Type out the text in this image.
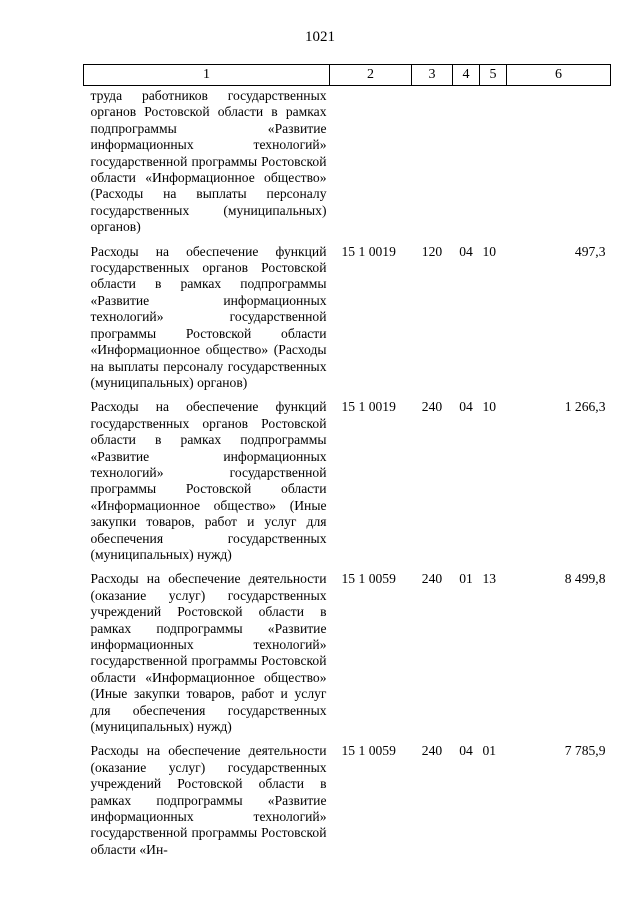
1021
1	2	3	4	5	6
труда работников государственных органов Ростовской области в рамках подпрограммы «Развитие информационных технологий» государственной программы Ростовской области «Информационное общество» (Расходы на выплаты персоналу государственных (муниципальных) органов)					
Расходы на обеспечение функций государственных органов Ростовской области в рамках подпрограммы «Развитие информационных технологий» государственной программы Ростовской области «Информационное общество» (Расходы на выплаты персоналу государственных (муниципальных) органов)	15 1 0019	120	04	10	497,3
Расходы на обеспечение функций государственных органов Ростовской области в рамках подпрограммы «Развитие информационных технологий» государственной программы Ростовской области «Информационное общество» (Иные закупки товаров, работ и услуг для обеспечения государственных (муниципальных) нужд)	15 1 0019	240	04	10	1 266,3
Расходы на обеспечение деятельности (оказание услуг) государственных учреждений Ростовской области в рамках подпрограммы «Развитие информационных технологий» государственной программы Ростовской области «Информационное общество» (Иные закупки товаров, работ и услуг для обеспечения государственных (муниципальных) нужд)	15 1 0059	240	01	13	8 499,8
Расходы на обеспечение деятельности (оказание услуг) государственных учреждений Ростовской области в рамках подпрограммы «Развитие информационных технологий» государственной программы Ростовской области «Ин-	15 1 0059	240	04	01	7 785,9
